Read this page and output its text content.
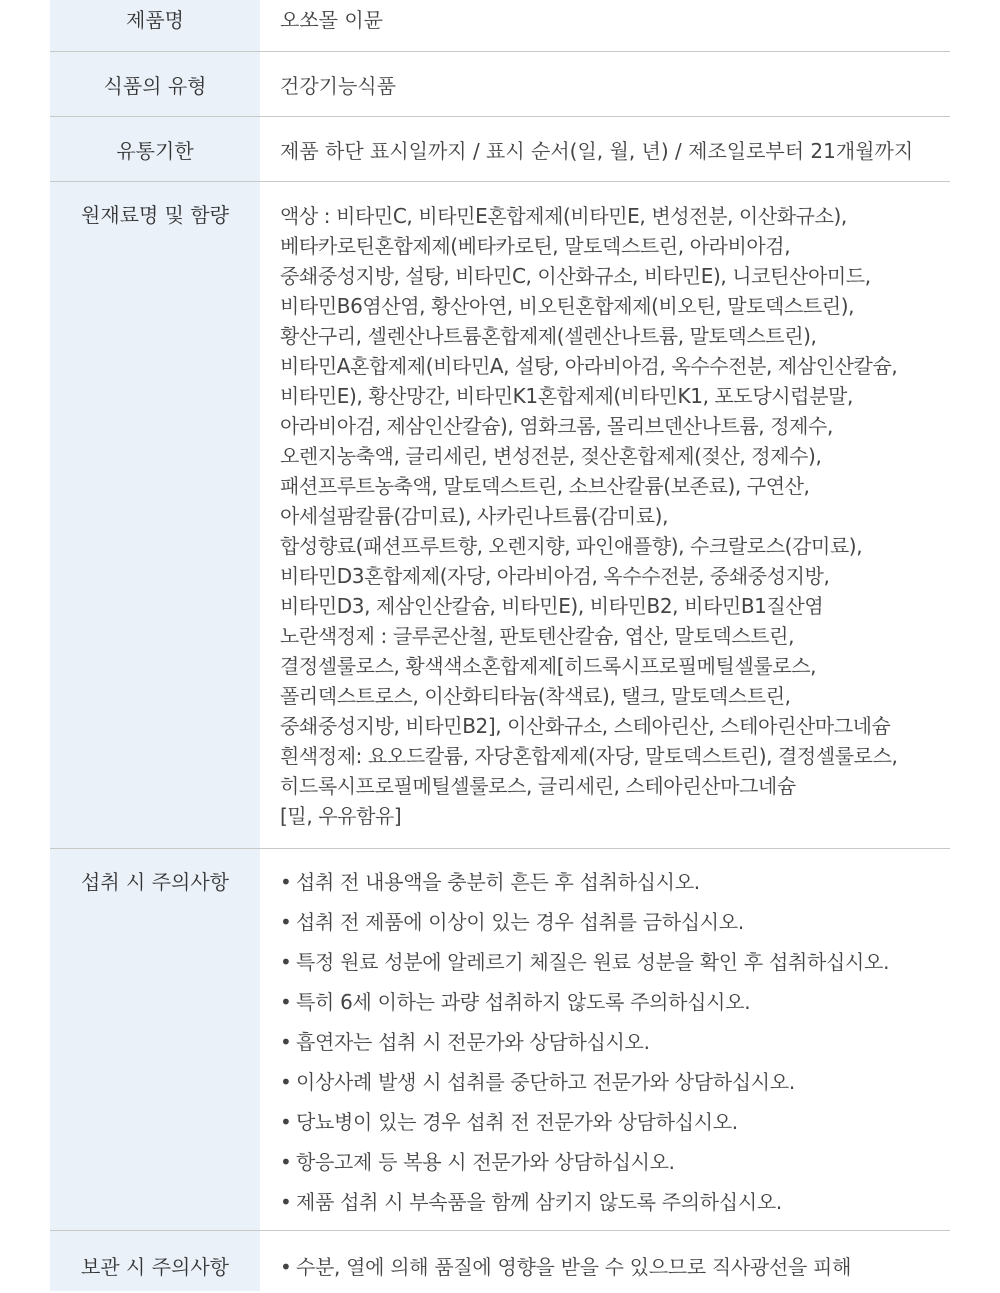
제품명	오쏘몰 이뮨
식품의 유형	건강기능식품
유통기한	제품 하단 표시일까지 / 표시 순서(일, 월, 년) / 제조일로부터 21개월까지
원재료명 및 함량	액상 : 비타민C, 비타민E혼합제제(비타민E, 변성전분, 이산화규소),
베타카로틴혼합제제(베타카로틴, 말토덱스트린, 아라비아검,
중쇄중성지방, 설탕, 비타민C, 이산화규소, 비타민E), 니코틴산아미드,
비타민B6염산염, 황산아연, 비오틴혼합제제(비오틴, 말토덱스트린),
황산구리, 셀렌산나트륨혼합제제(셀렌산나트륨, 말토덱스트린),
비타민A혼합제제(비타민A, 설탕, 아라비아검, 옥수수전분, 제삼인산칼슘,
비타민E), 황산망간, 비타민K1혼합제제(비타민K1, 포도당시럽분말,
아라비아검, 제삼인산칼슘), 염화크롬, 몰리브덴산나트륨, 정제수,
오렌지농축액, 글리세린, 변성전분, 젖산혼합제제(젖산, 정제수),
패션프루트농축액, 말토덱스트린, 소브산칼륨(보존료), 구연산,
아세설팜칼륨(감미료), 사카린나트륨(감미료),
합성향료(패션프루트향, 오렌지향, 파인애플향), 수크랄로스(감미료),
비타민D3혼합제제(자당, 아라비아검, 옥수수전분, 중쇄중성지방,
비타민D3, 제삼인산칼슘, 비타민E), 비타민B2, 비타민B1질산염
노란색정제 : 글루콘산철, 판토텐산칼슘, 엽산, 말토덱스트린,
결정셀룰로스, 황색색소혼합제제[히드록시프로필메틸셀룰로스,
폴리덱스트로스, 이산화티타늄(착색료), 탤크, 말토덱스트린,
중쇄중성지방, 비타민B2], 이산화규소, 스테아린산, 스테아린산마그네슘
흰색정제: 요오드칼륨, 자당혼합제제(자당, 말토덱스트린), 결정셀룰로스,
히드록시프로필메틸셀룰로스, 글리세린, 스테아린산마그네슘
[밀, 우유함유]
섭취 시 주의사항	• 섭취 전 내용액을 충분히 흔든 후 섭취하십시오.
• 섭취 전 제품에 이상이 있는 경우 섭취를 금하십시오.
• 특정 원료 성분에 알레르기 체질은 원료 성분을 확인 후 섭취하십시오.
• 특히 6세 이하는 과량 섭취하지 않도록 주의하십시오.
• 흡연자는 섭취 시 전문가와 상담하십시오.
• 이상사례 발생 시 섭취를 중단하고 전문가와 상담하십시오.
• 당뇨병이 있는 경우 섭취 전 전문가와 상담하십시오.
• 항응고제 등 복용 시 전문가와 상담하십시오.
• 제품 섭취 시 부속품을 함께 삼키지 않도록 주의하십시오.
보관 시 주의사항	• 수분, 열에 의해 품질에 영향을 받을 수 있으므로 직사광선을 피해
